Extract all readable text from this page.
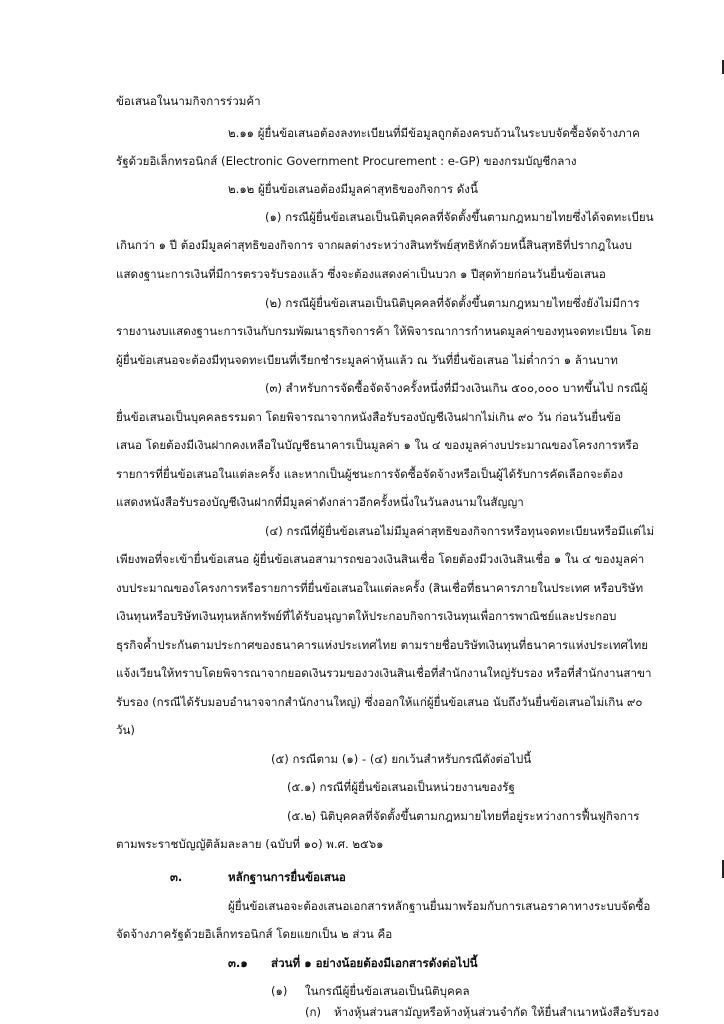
ข้อเสนอในนามกิจการร่วมค้า
๒.๑๑ ผู้ยื่นข้อเสนอต้องลงทะเบียนที่มีข้อมูลถูกต้องครบถ้วนในระบบจัดซื้อจัดจ้างภาค
รัฐด้วยอิเล็กทรอนิกส์ (Electronic Government Procurement : e-GP) ของกรมบัญชีกลาง
๒.๑๒ ผู้ยื่นข้อเสนอต้องมีมูลค่าสุทธิของกิจการ ดังนี้
(๑) กรณีผู้ยื่นข้อเสนอเป็นนิติบุคคลที่จัดตั้งขึ้นตามกฎหมายไทยซึ่งได้จดทะเบียน
เกินกว่า ๑ ปี ต้องมีมูลค่าสุทธิของกิจการ จากผลต่างระหว่างสินทรัพย์สุทธิหักด้วยหนี้สินสุทธิที่ปรากฎในงบ
แสดงฐานะการเงินที่มีการตรวจรับรองแล้ว ซึ่งจะต้องแสดงค่าเป็นบวก ๑ ปีสุดท้ายก่อนวันยื่นข้อเสนอ
(๒) กรณีผู้ยื่นข้อเสนอเป็นนิติบุคคลที่จัดตั้งขึ้นตามกฎหมายไทยซึ่งยังไม่มีการ
รายงานงบแสดงฐานะการเงินกับกรมพัฒนาธุรกิจการค้า ให้พิจารณาการกำหนดมูลค่าของทุนจดทะเบียน โดย
ผู้ยื่นข้อเสนอจะต้องมีทุนจดทะเบียนที่เรียกชำระมูลค่าหุ้นแล้ว ณ วันที่ยื่นข้อเสนอ ไม่ต่ำกว่า ๑ ล้านบาท
(๓) สำหรับการจัดซื้อจัดจ้างครั้งหนึ่งที่มีวงเงินเกิน ๕๐๐,๐๐๐ บาทขึ้นไป กรณีผู้
ยื่นข้อเสนอเป็นบุคคลธรรมดา โดยพิจารณาจากหนังสือรับรองบัญชีเงินฝากไม่เกิน ๙๐ วัน ก่อนวันยื่นข้อ
เสนอ โดยต้องมีเงินฝากคงเหลือในบัญชีธนาคารเป็นมูลค่า ๑ ใน ๔ ของมูลค่างบประมาณของโครงการหรือ
รายการที่ยื่นข้อเสนอในแต่ละครั้ง และหากเป็นผู้ชนะการจัดซื้อจัดจ้างหรือเป็นผู้ได้รับการคัดเลือกจะต้อง
แสดงหนังสือรับรองบัญชีเงินฝากที่มีมูลค่าดังกล่าวอีกครั้งหนึ่งในวันลงนามในสัญญา
(๔) กรณีที่ผู้ยื่นข้อเสนอไม่มีมูลค่าสุทธิของกิจการหรือทุนจดทะเบียนหรือมีแต่ไม่
เพียงพอที่จะเข้ายื่นข้อเสนอ ผู้ยื่นข้อเสนอสามารถขอวงเงินสินเชื่อ โดยต้องมีวงเงินสินเชื่อ ๑ ใน ๔ ของมูลค่า
งบประมาณของโครงการหรือรายการที่ยื่นข้อเสนอในแต่ละครั้ง (สินเชื่อที่ธนาคารภายในประเทศ หรือบริษัท
เงินทุนหรือบริษัทเงินทุนหลักทรัพย์ที่ได้รับอนุญาตให้ประกอบกิจการเงินทุนเพื่อการพาณิชย์และประกอบ
ธุรกิจค้ำประกันตามประกาศของธนาคารแห่งประเทศไทย ตามรายชื่อบริษัทเงินทุนที่ธนาคารแห่งประเทศไทย
แจ้งเวียนให้ทราบโดยพิจารณาจากยอดเงินรวมของวงเงินสินเชื่อที่สำนักงานใหญ่รับรอง หรือที่สำนักงานสาขา
รับรอง (กรณีได้รับมอบอำนาจจากสำนักงานใหญ่) ซึ่งออกให้แก่ผู้ยื่นข้อเสนอ นับถึงวันยื่นข้อเสนอไม่เกิน ๙๐
วัน)
(๕) กรณีตาม (๑) - (๔) ยกเว้นสำหรับกรณีดังต่อไปนี้
(๕.๑) กรณีที่ผู้ยื่นข้อเสนอเป็นหน่วยงานของรัฐ
(๕.๒) นิติบุคคลที่จัดตั้งขึ้นตามกฎหมายไทยที่อยู่ระหว่างการฟื้นฟูกิจการ
ตามพระราชบัญญัติล้มละลาย (ฉบับที่ ๑๐) พ.ศ. ๒๕๖๑
๓.	หลักฐานการยื่นข้อเสนอ
ผู้ยื่นข้อเสนอจะต้องเสนอเอกสารหลักฐานยื่นมาพร้อมกับการเสนอราคาทางระบบจัดซื้อ
จัดจ้างภาครัฐด้วยอิเล็กทรอนิกส์ โดยแยกเป็น ๒ ส่วน คือ
๓.๑ ส่วนที่ ๑ อย่างน้อยต้องมีเอกสารดังต่อไปนี้
(๑) ในกรณีผู้ยื่นข้อเสนอเป็นนิติบุคคล
(ก) ห้างหุ้นส่วนสามัญหรือห้างหุ้นส่วนจำกัด ให้ยื่นสำเนาหนังสือรับรอง
